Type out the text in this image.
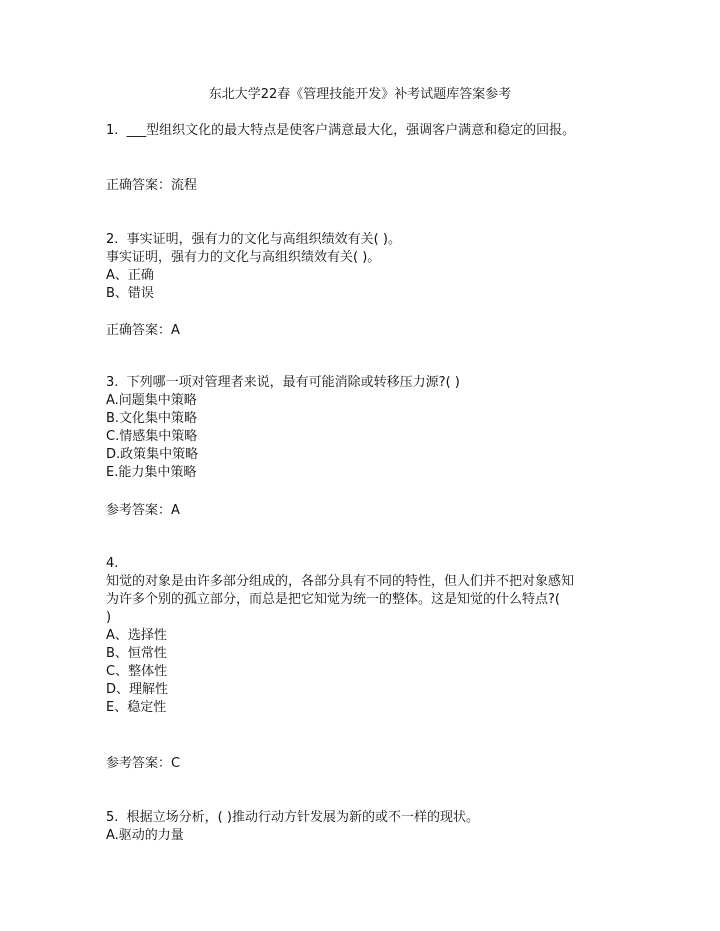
东北大学22春《管理技能开发》补考试题库答案参考
1. ___型组织文化的最大特点是使客户满意最大化，强调客户满意和稳定的回报。
正确答案：流程
2. 事实证明，强有力的文化与高组织绩效有关( )。
事实证明，强有力的文化与高组织绩效有关( )。
A、正确
B、错误
正确答案：A
3. 下列哪一项对管理者来说，最有可能消除或转移压力源?( )
A.问题集中策略
B.文化集中策略
C.情感集中策略
D.政策集中策略
E.能力集中策略
参考答案：A
4.
知觉的对象是由许多部分组成的，各部分具有不同的特性，但人们并不把对象感知
为许多个别的孤立部分，而总是把它知觉为统一的整体。这是知觉的什么特点?(
)
A、选择性
B、恒常性
C、整体性
D、理解性
E、稳定性
参考答案：C
5. 根据立场分析，( )推动行动方针发展为新的或不一样的现状。
A.驱动的力量
